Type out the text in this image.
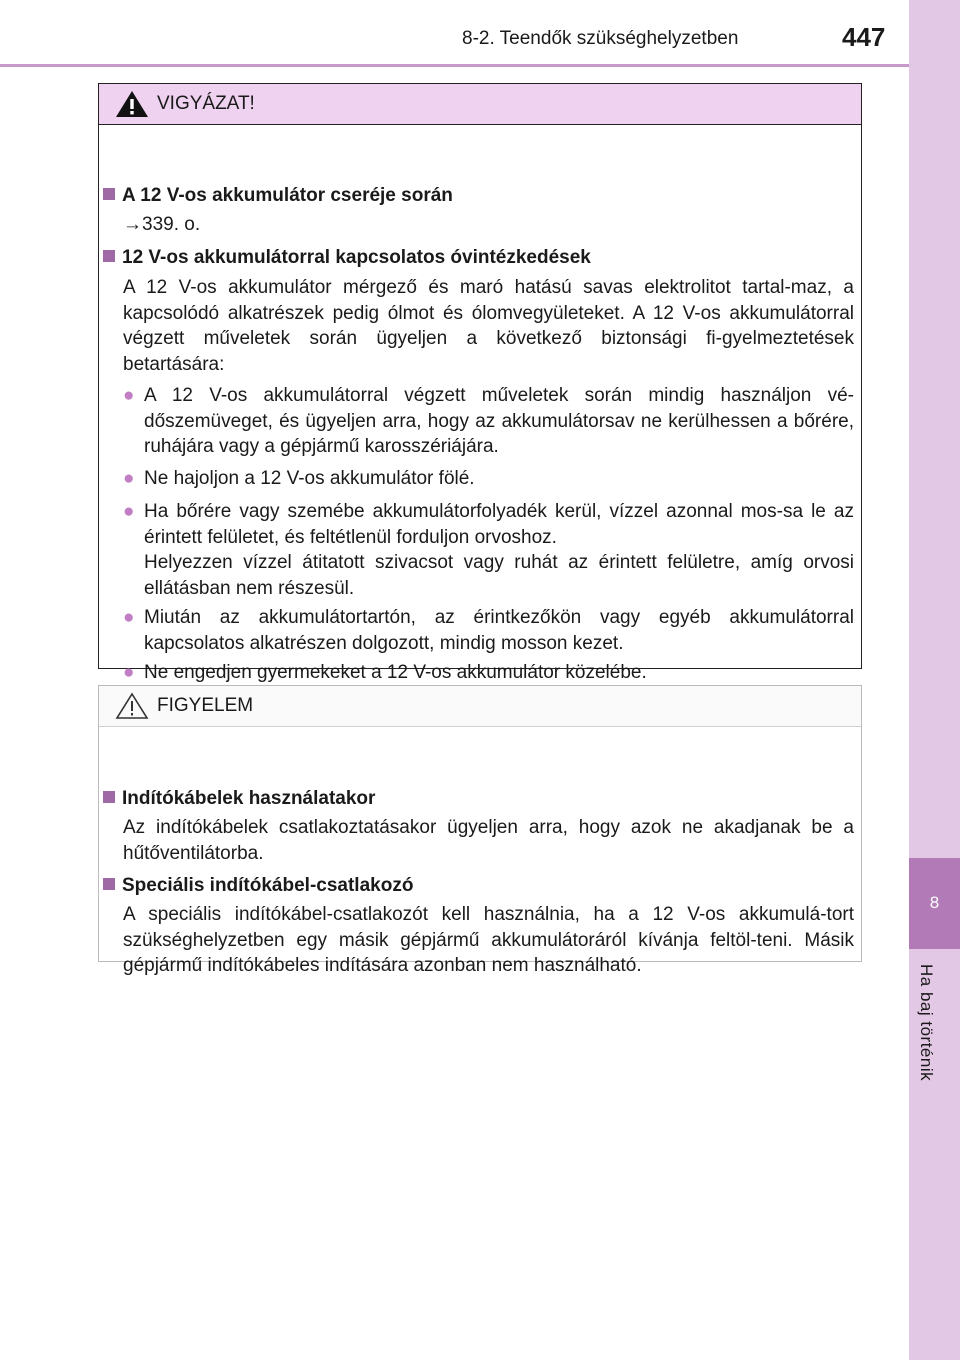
8-2. Teendők szükséghelyzetben	447
8
Ha baj történik
VIGYÁZAT!
A 12 V-os akkumulátor cseréje során
→339. o.
12 V-os akkumulátorral kapcsolatos óvintézkedések
A 12 V-os akkumulátor mérgező és maró hatású savas elektrolitot tartal-maz, a kapcsolódó alkatrészek pedig ólmot és ólomvegyületeket. A 12 V-os akkumulátorral végzett műveletek során ügyeljen a következő biztonsági fi-gyelmeztetések betartására:
● A 12 V-os akkumulátorral végzett műveletek során mindig használjon vé-dőszemüveget, és ügyeljen arra, hogy az akkumulátorsav ne kerülhessen a bőrére, ruhájára vagy a gépjármű karosszériájára.
● Ne hajoljon a 12 V-os akkumulátor fölé.
● Ha bőrére vagy szemébe akkumulátorfolyadék kerül, vízzel azonnal mos-sa le az érintett felületet, és feltétlenül forduljon orvoshoz.
Helyezzen vízzel átitatott szivacsot vagy ruhát az érintett felületre, amíg orvosi ellátásban nem részesül.
● Miután az akkumulátortartón, az érintkezőkön vagy egyéb akkumulátorral kapcsolatos alkatrészen dolgozott, mindig mosson kezet.
● Ne engedjen gyermekeket a 12 V-os akkumulátor közelébe.
FIGYELEM
Indítókábelek használatakor
Az indítókábelek csatlakoztatásakor ügyeljen arra, hogy azok ne akadjanak be a hűtőventilátorba.
Speciális indítókábel-csatlakozó
A speciális indítókábel-csatlakozót kell használnia, ha a 12 V-os akkumulá-tort szükséghelyzetben egy másik gépjármű akkumulátoráról kívánja feltöl-teni. Másik gépjármű indítókábeles indítására azonban nem használható.
